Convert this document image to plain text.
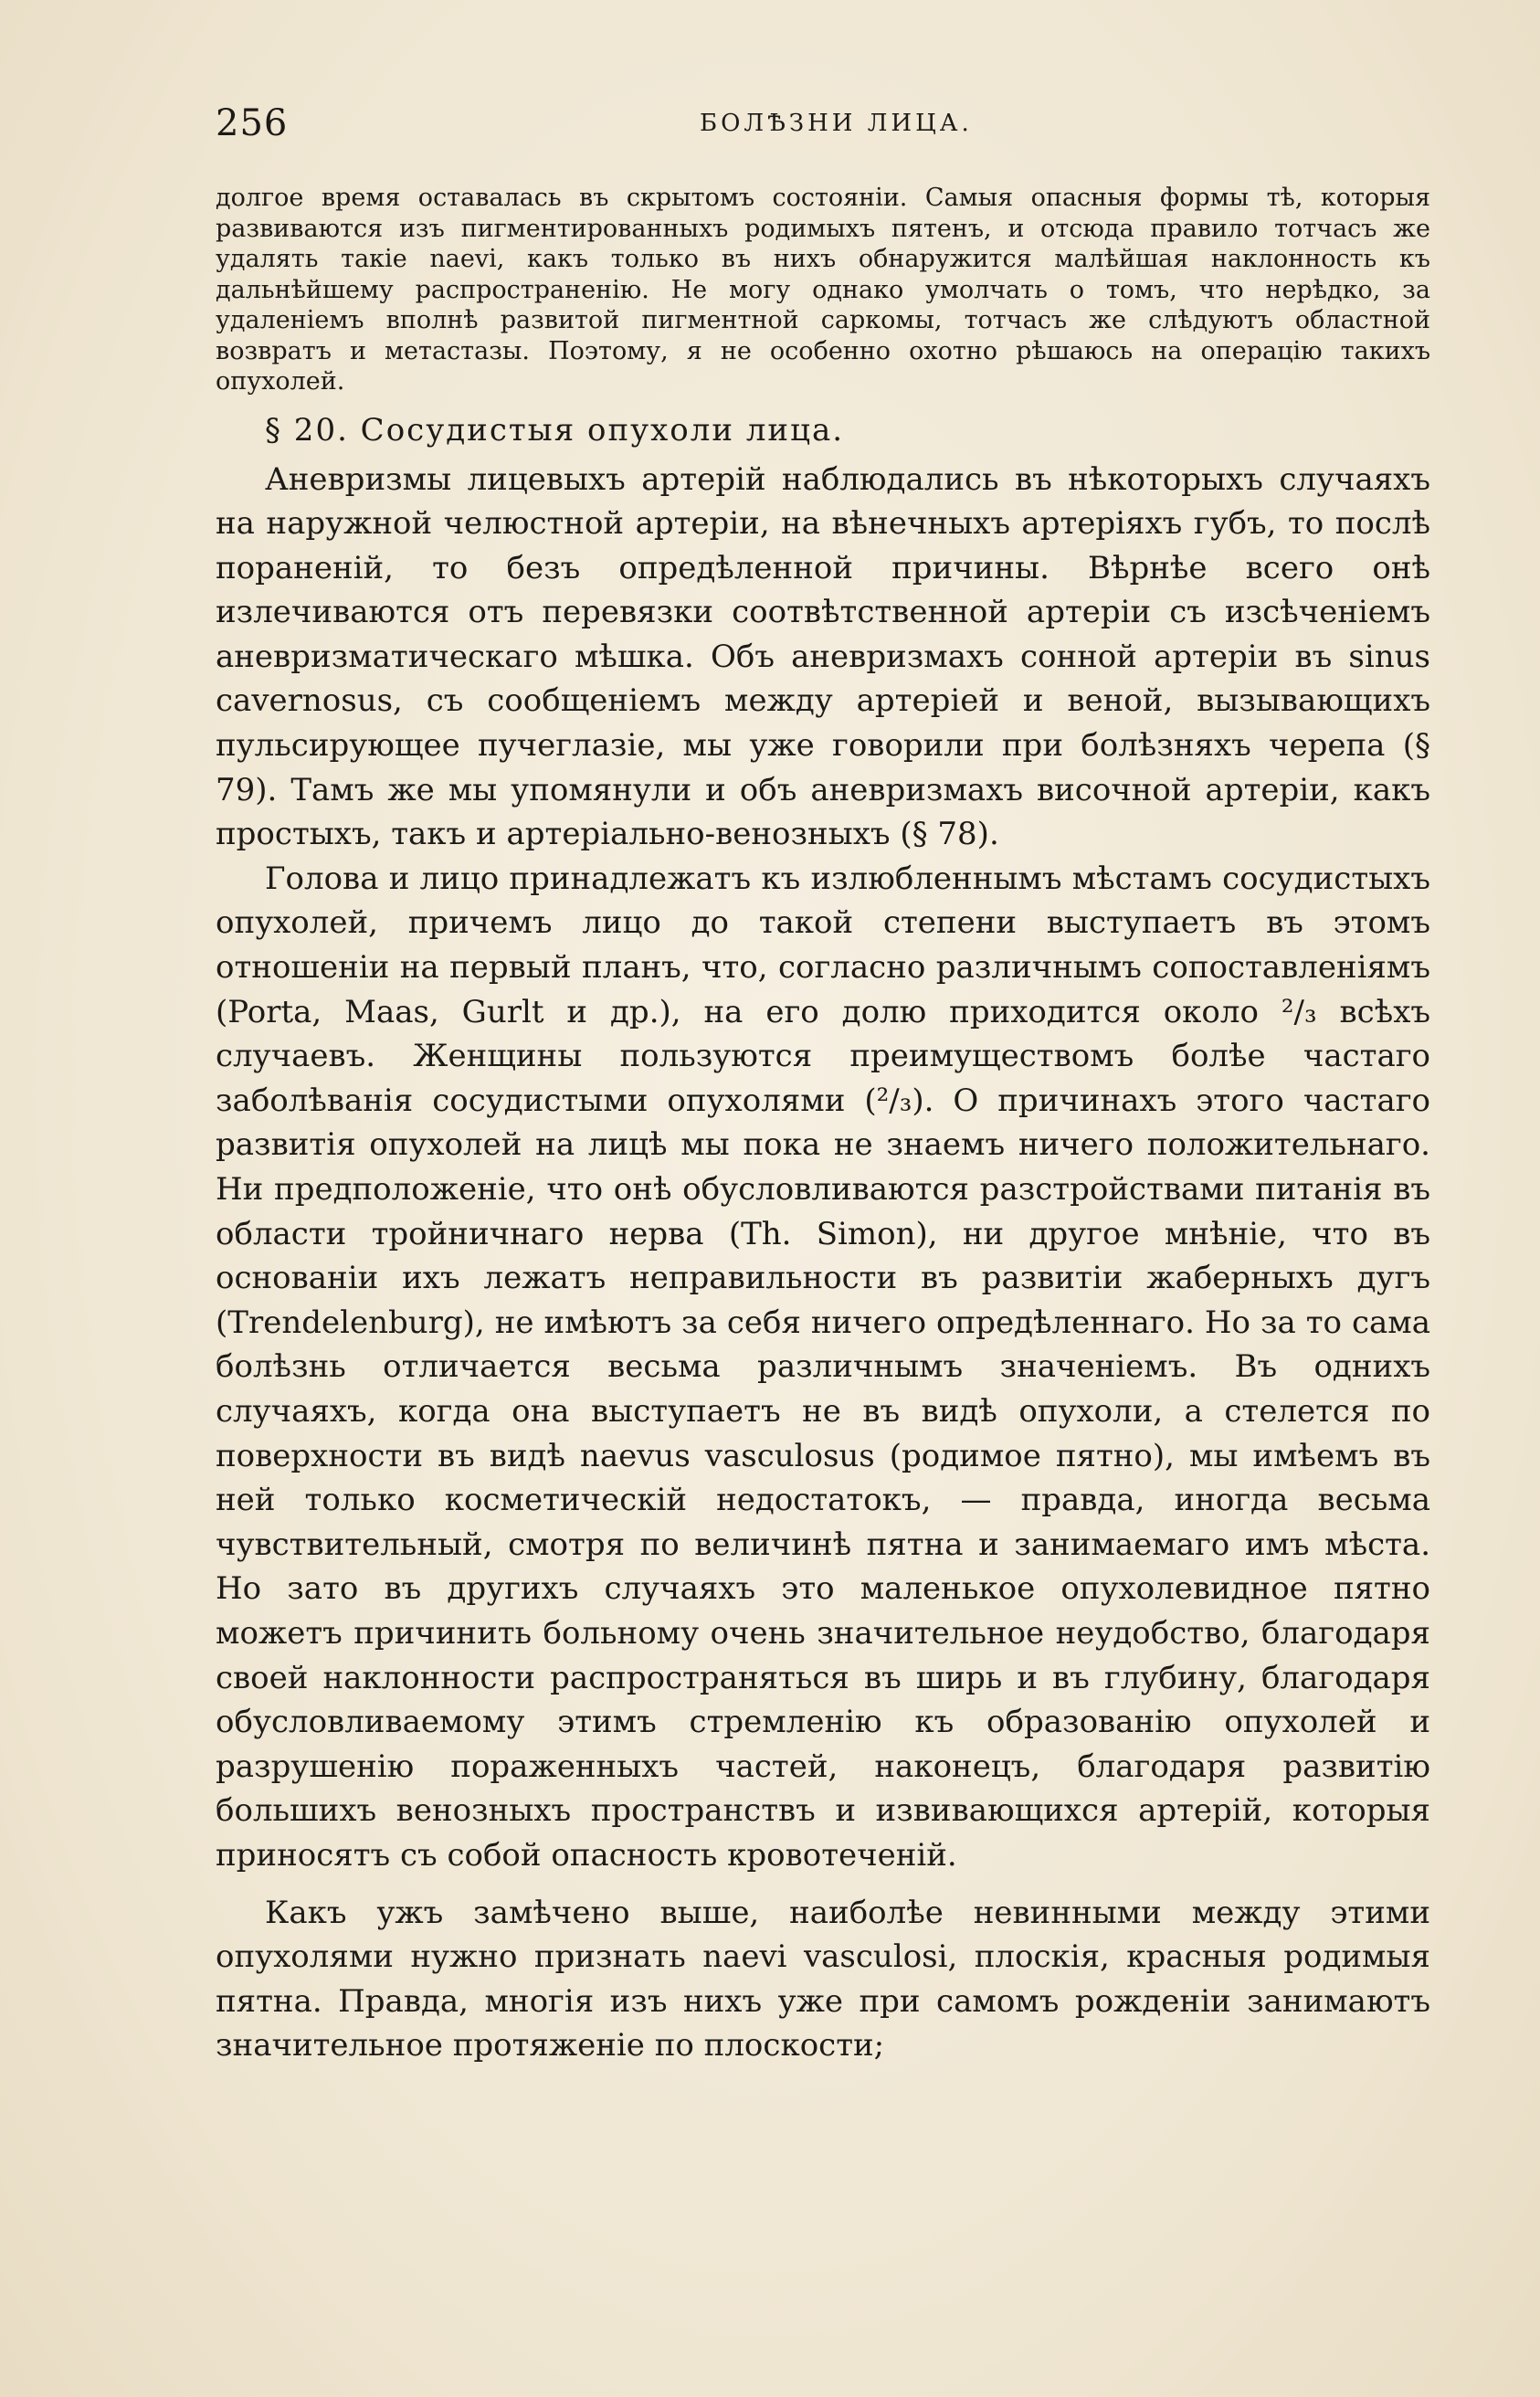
256	БОЛѢЗНИ ЛИЦА.

долгое время оставалась въ скрытомъ состояніи. Самыя опасныя формы тѣ, которыя развиваются изъ пигментированныхъ родимыхъ пятенъ, и отсюда правило тотчасъ же удалять такіе naevi, какъ только въ нихъ обнаружится малѣйшая наклонность къ дальнѣйшему распространенію. Не могу однако умолчать о томъ, что нерѣдко, за удаленіемъ вполнѣ развитой пигментной саркомы, тотчасъ же слѣдуютъ областной возвратъ и метастазы. Поэтому, я не особенно охотно рѣшаюсь на операцію такихъ опухолей.

§ 20. Сосудистыя опухоли лица.

Аневризмы лицевыхъ артерій наблюдались въ нѣкоторыхъ случаяхъ на наружной челюстной артеріи, на вѣнечныхъ артеріяхъ губъ, то послѣ пораненій, то безъ опредѣленной причины. Вѣрнѣе всего онѣ излечиваются отъ перевязки соотвѣтственной артеріи съ изсѣченіемъ аневризматическаго мѣшка. Объ аневризмахъ сонной артеріи въ sinus cavernosus, съ сообщеніемъ между артеріей и веной, вызывающихъ пульсирующее пучеглазіе, мы уже говорили при болѣзняхъ черепа (§ 79). Тамъ же мы упомянули и объ аневризмахъ височной артеріи, какъ простыхъ, такъ и артеріально-венозныхъ (§ 78).

Голова и лицо принадлежатъ къ излюбленнымъ мѣстамъ сосудистыхъ опухолей, причемъ лицо до такой степени выступаетъ въ этомъ отношеніи на первый планъ, что, согласно различнымъ сопоставленіямъ (Porta, Maas, Gurlt и др.), на его долю приходится около ²/₃ всѣхъ случаевъ. Женщины пользуются преимуществомъ болѣе частаго заболѣванія сосудистыми опухолями (²/₃). О причинахъ этого частаго развитія опухолей на лицѣ мы пока не знаемъ ничего положительнаго. Ни предположеніе, что онѣ обусловливаются разстройствами питанія въ области тройничнаго нерва (Th. Simon), ни другое мнѣніе, что въ основаніи ихъ лежатъ неправильности въ развитіи жаберныхъ дугъ (Trendelenburg), не имѣютъ за себя ничего опредѣленнаго. Но за то сама болѣзнь отличается весьма различнымъ значеніемъ. Въ однихъ случаяхъ, когда она выступаетъ не въ видѣ опухоли, а стелется по поверхности въ видѣ naevus vasculosus (родимое пятно), мы имѣемъ въ ней только косметическій недостатокъ, — правда, иногда весьма чувствительный, смотря по величинѣ пятна и занимаемаго имъ мѣста. Но зато въ другихъ случаяхъ это маленькое опухолевидное пятно можетъ причинить больному очень значительное неудобство, благодаря своей наклонности распространяться въ ширь и въ глубину, благодаря обусловливаемому этимъ стремленію къ образованію опухолей и разрушенію пораженныхъ частей, наконецъ, благодаря развитію большихъ венозныхъ пространствъ и извивающихся артерій, которыя приносятъ съ собой опасность кровотеченій.

Какъ ужъ замѣчено выше, наиболѣе невинными между этими опухолями нужно признать naevi vasculosi, плоскія, красныя родимыя пятна. Правда, многія изъ нихъ уже при самомъ рожденіи занимаютъ значительное протяженіе по плоскости;
